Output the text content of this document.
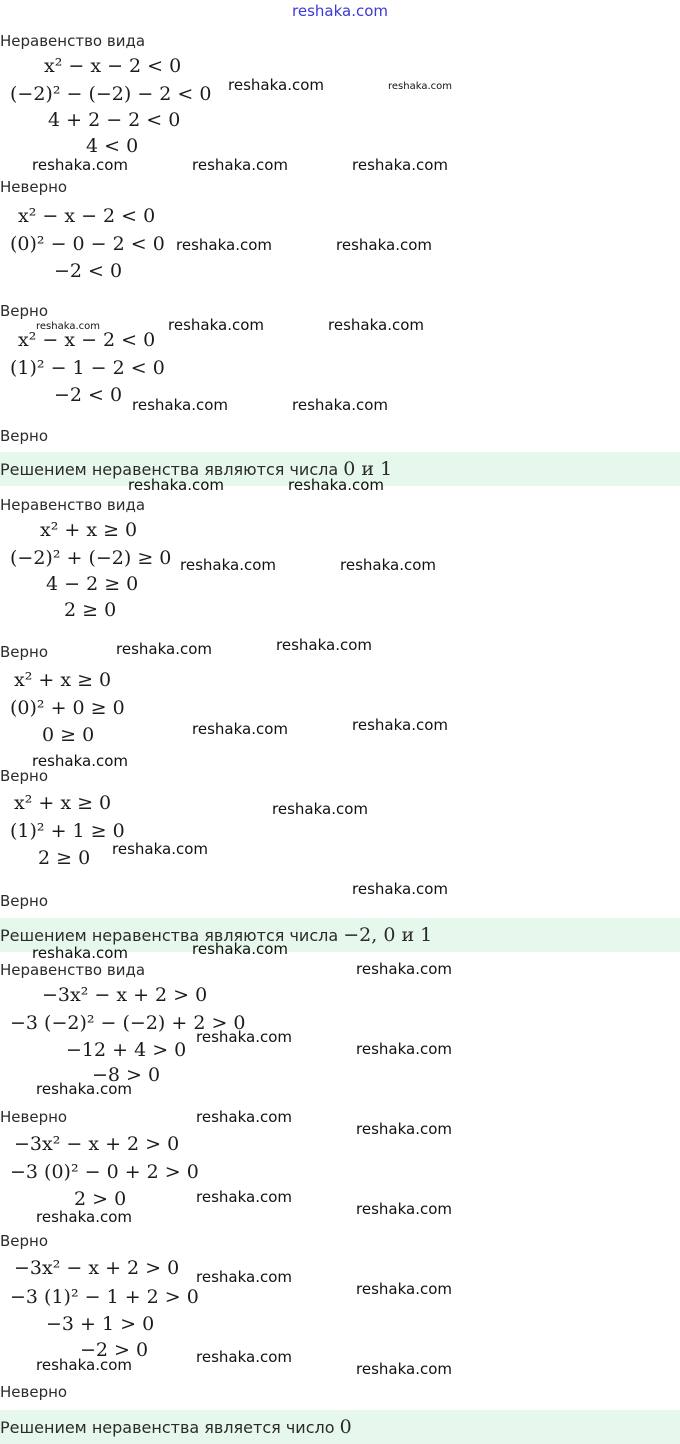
reshaka.com
Неравенство вида
x² − x − 2 < 0
(−2)² − (−2) − 2 < 0
4 + 2 − 2 < 0
4 < 0
Неверно
x² − x − 2 < 0
(0)² − 0 − 2 < 0
−2 < 0
Верно
x² − x − 2 < 0
(1)² − 1 − 2 < 0
−2 < 0
Верно
Решением неравенства являются числа 0 и 1
Неравенство вида
x² + x ≥ 0
(−2)² + (−2) ≥ 0
4 − 2 ≥ 0
2 ≥ 0
Верно
x² + x ≥ 0
(0)² + 0 ≥ 0
0 ≥ 0
Верно
x² + x ≥ 0
(1)² + 1 ≥ 0
2 ≥ 0
Верно
Решением неравенства являются числа −2, 0 и 1
Неравенство вида
−3x² − x + 2 > 0
−3 (−2)² − (−2) + 2 > 0
−12 + 4 > 0
−8 > 0
Неверно
−3x² − x + 2 > 0
−3 (0)² − 0 + 2 > 0
2 > 0
Верно
−3x² − x + 2 > 0
−3 (1)² − 1 + 2 > 0
−3 + 1 > 0
−2 > 0
Неверно
Решением неравенства является число 0
reshaka.com	reshaka.com
reshaka.com	reshaka.com	reshaka.com
reshaka.com	reshaka.com
reshaka.com	reshaka.com	reshaka.com
reshaka.com	reshaka.com
reshaka.com	reshaka.com
reshaka.com	reshaka.com
reshaka.com	reshaka.com
reshaka.com	reshaka.com
reshaka.com
reshaka.com
reshaka.com
reshaka.com
reshaka.com	reshaka.com
reshaka.com
reshaka.com
reshaka.com
reshaka.com
reshaka.com
reshaka.com
reshaka.com
reshaka.com
reshaka.com
reshaka.com
reshaka.com
reshaka.com
reshaka.com	reshaka.com
